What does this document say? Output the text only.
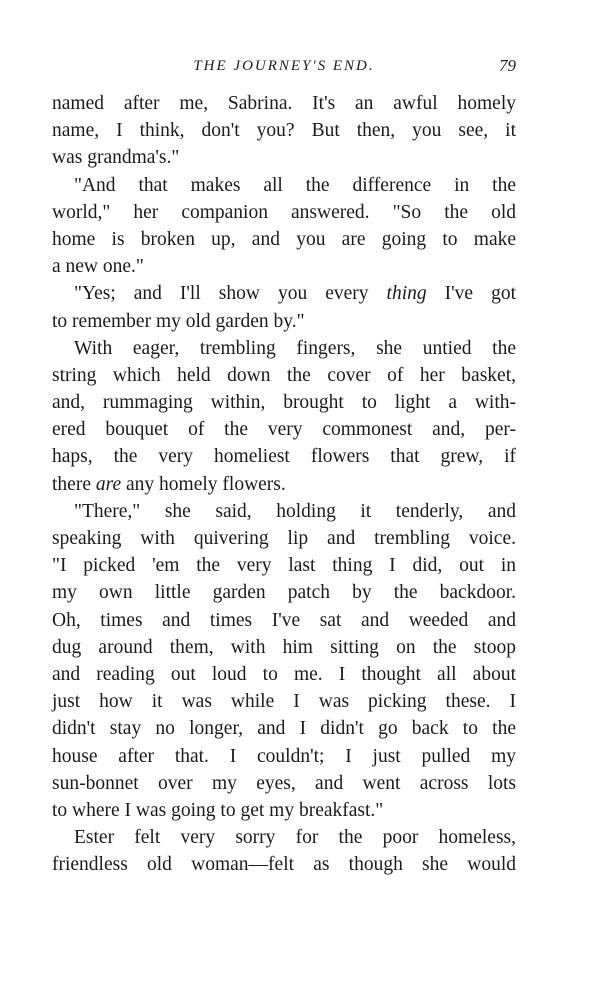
THE JOURNEY'S END.	79
named after me, Sabrina. It's an awful homely
name, I think, don't you? But then, you see, it
was grandma's."
"And that makes all the difference in the
world," her companion answered. "So the old
home is broken up, and you are going to make
a new one."
"Yes; and I'll show you every thing I've got
to remember my old garden by."
With eager, trembling fingers, she untied the
string which held down the cover of her basket,
and, rummaging within, brought to light a with-
ered bouquet of the very commonest and, per-
haps, the very homeliest flowers that grew, if
there are any homely flowers.
"There," she said, holding it tenderly, and
speaking with quivering lip and trembling voice.
"I picked 'em the very last thing I did, out in
my own little garden patch by the backdoor.
Oh, times and times I've sat and weeded and
dug around them, with him sitting on the stoop
and reading out loud to me. I thought all about
just how it was while I was picking these. I
didn't stay no longer, and I didn't go back to the
house after that. I couldn't; I just pulled my
sun-bonnet over my eyes, and went across lots
to where I was going to get my breakfast."
Ester felt very sorry for the poor homeless,
friendless old woman—felt as though she would
